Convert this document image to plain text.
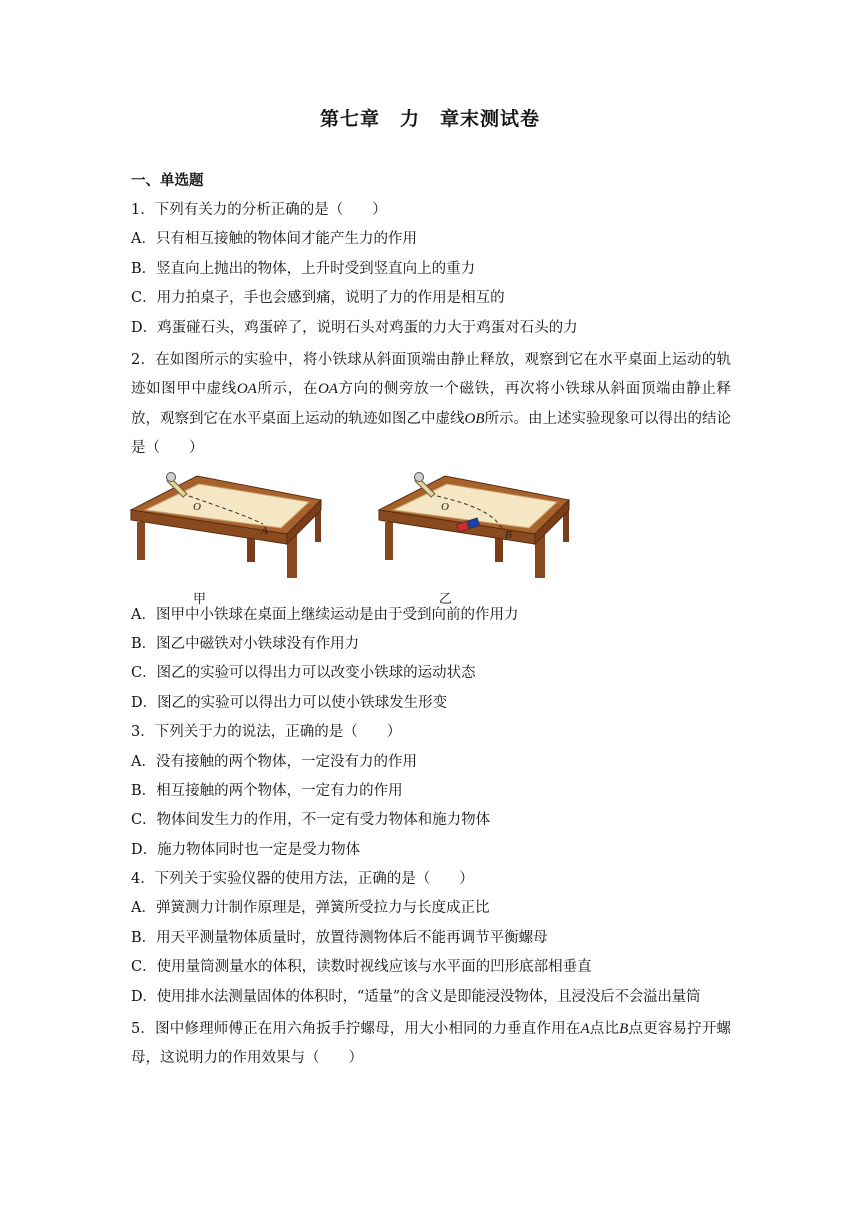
第七章　力　章末测试卷
一、单选题
1．下列有关力的分析正确的是（　　）
A．只有相互接触的物体间才能产生力的作用
B．竖直向上抛出的物体，上升时受到竖直向上的重力
C．用力拍桌子，手也会感到痛，说明了力的作用是相互的
D．鸡蛋碰石头，鸡蛋碎了，说明石头对鸡蛋的力大于鸡蛋对石头的力
2．在如图所示的实验中，将小铁球从斜面顶端由静止释放，观察到它在水平桌面上运动的轨迹如图甲中虚线OA所示，在OA方向的侧旁放一个磁铁，再次将小铁球从斜面顶端由静止释放，观察到它在水平桌面上运动的轨迹如图乙中虚线OB所示。由上述实验现象可以得出的结论是（　　）
O
A
甲
O
B
乙
A．图甲中小铁球在桌面上继续运动是由于受到向前的作用力
B．图乙中磁铁对小铁球没有作用力
C．图乙的实验可以得出力可以改变小铁球的运动状态
D．图乙的实验可以得出力可以使小铁球发生形变
3．下列关于力的说法，正确的是（　　）
A．没有接触的两个物体，一定没有力的作用
B．相互接触的两个物体，一定有力的作用
C．物体间发生力的作用，不一定有受力物体和施力物体
D．施力物体同时也一定是受力物体
4．下列关于实验仪器的使用方法，正确的是（　　）
A．弹簧测力计制作原理是，弹簧所受拉力与长度成正比
B．用天平测量物体质量时，放置待测物体后不能再调节平衡螺母
C．使用量筒测量水的体积，读数时视线应该与水平面的凹形底部相垂直
D．使用排水法测量固体的体积时，“适量”的含义是即能浸没物体，且浸没后不会溢出量筒
5．图中修理师傅正在用六角扳手拧螺母，用大小相同的力垂直作用在A点比B点更容易拧开螺母，这说明力的作用效果与（　　）
